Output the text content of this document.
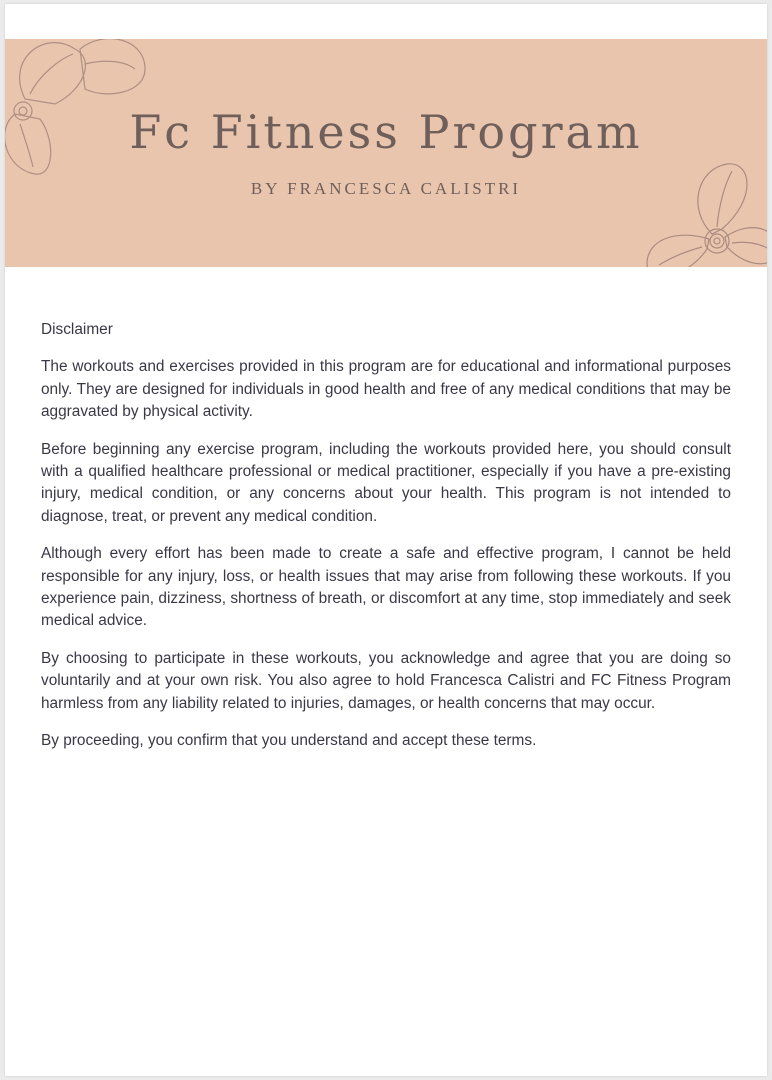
Fc Fitness Program
BY FRANCESCA CALISTRI

Disclaimer

The workouts and exercises provided in this program are for educational and informational purposes only. They are designed for individuals in good health and free of any medical conditions that may be aggravated by physical activity.

Before beginning any exercise program, including the workouts provided here, you should consult with a qualified healthcare professional or medical practitioner, especially if you have a pre-existing injury, medical condition, or any concerns about your health. This program is not intended to diagnose, treat, or prevent any medical condition.

Although every effort has been made to create a safe and effective program, I cannot be held responsible for any injury, loss, or health issues that may arise from following these workouts. If you experience pain, dizziness, shortness of breath, or discomfort at any time, stop immediately and seek medical advice.

By choosing to participate in these workouts, you acknowledge and agree that you are doing so voluntarily and at your own risk. You also agree to hold Francesca Calistri and FC Fitness Program harmless from any liability related to injuries, damages, or health concerns that may occur.

By proceeding, you confirm that you understand and accept these terms.
